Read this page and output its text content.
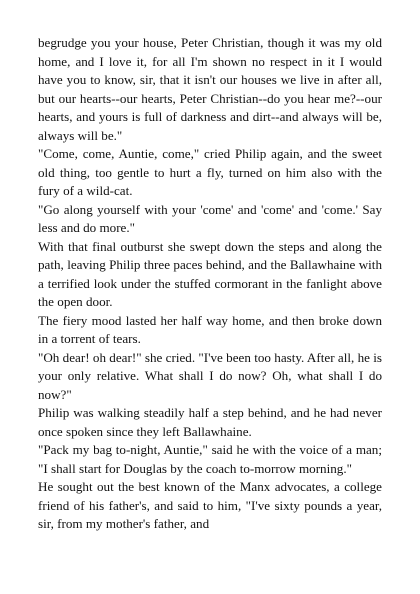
begrudge you your house, Peter Christian, though it was my old home, and I love it, for all I'm shown no respect in it I would have you to know, sir, that it isn't our houses we live in after all, but our hearts--our hearts, Peter Christian--do you hear me?--our hearts, and yours is full of darkness and dirt--and always will be, always will be."

"Come, come, Auntie, come," cried Philip again, and the sweet old thing, too gentle to hurt a fly, turned on him also with the fury of a wild-cat.

"Go along yourself with your 'come' and 'come' and 'come.' Say less and do more."

With that final outburst she swept down the steps and along the path, leaving Philip three paces behind, and the Ballawhaine with a terrified look under the stuffed cormorant in the fanlight above the open door.

The fiery mood lasted her half way home, and then broke down in a torrent of tears.

"Oh dear! oh dear!" she cried. "I've been too hasty. After all, he is your only relative. What shall I do now? Oh, what shall I do now?"

Philip was walking steadily half a step behind, and he had never once spoken since they left Ballawhaine.

"Pack my bag to-night, Auntie," said he with the voice of a man; "I shall start for Douglas by the coach to-morrow morning."

He sought out the best known of the Manx advocates, a college friend of his father's, and said to him, "I've sixty pounds a year, sir, from my mother's father, and
